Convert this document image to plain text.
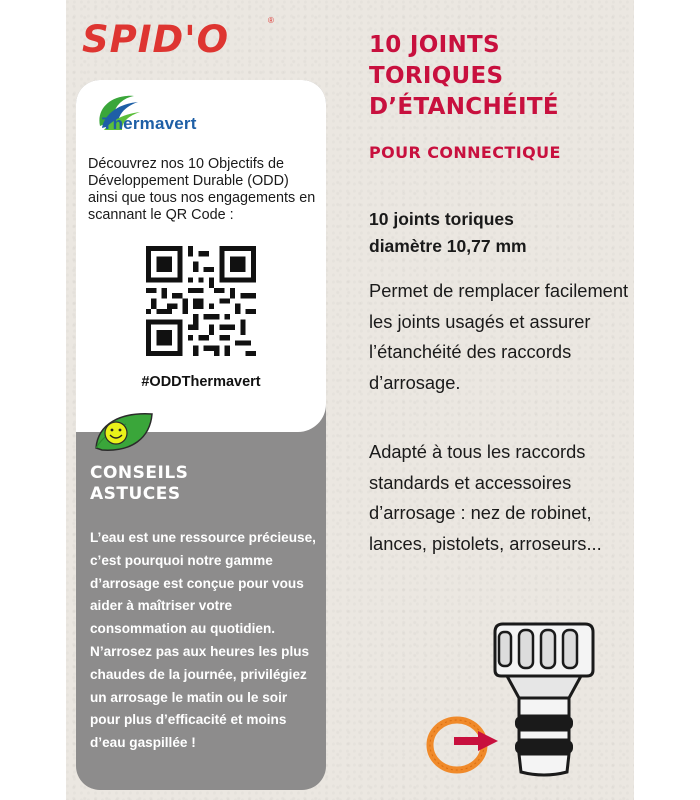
SPID'O	®
Thermavert
Découvrez nos 10 Objectifs de Développement Durable (ODD) ainsi que tous nos engagements en scannant le QR Code :
#ODDThermavert
CONSEILS
ASTUCES
L’eau est une ressource précieuse, c’est pourquoi notre gamme d’arrosage est conçue pour vous aider à maîtriser votre consommation au quotidien. N’arrosez pas aux heures les plus chaudes de la journée, privilégiez un arrosage le matin ou le soir pour plus d’efficacité et moins d’eau gaspillée !
10 JOINTS
TORIQUES
D’ÉTANCHÉITÉ
POUR CONNECTIQUE
10 joints toriques
diamètre 10,77 mm
Permet de remplacer facilement les joints usagés et assurer l’étanchéité des raccords d’arrosage.
Adapté à tous les raccords standards et accessoires d’arrosage : nez de robinet, lances, pistolets, arroseurs...
